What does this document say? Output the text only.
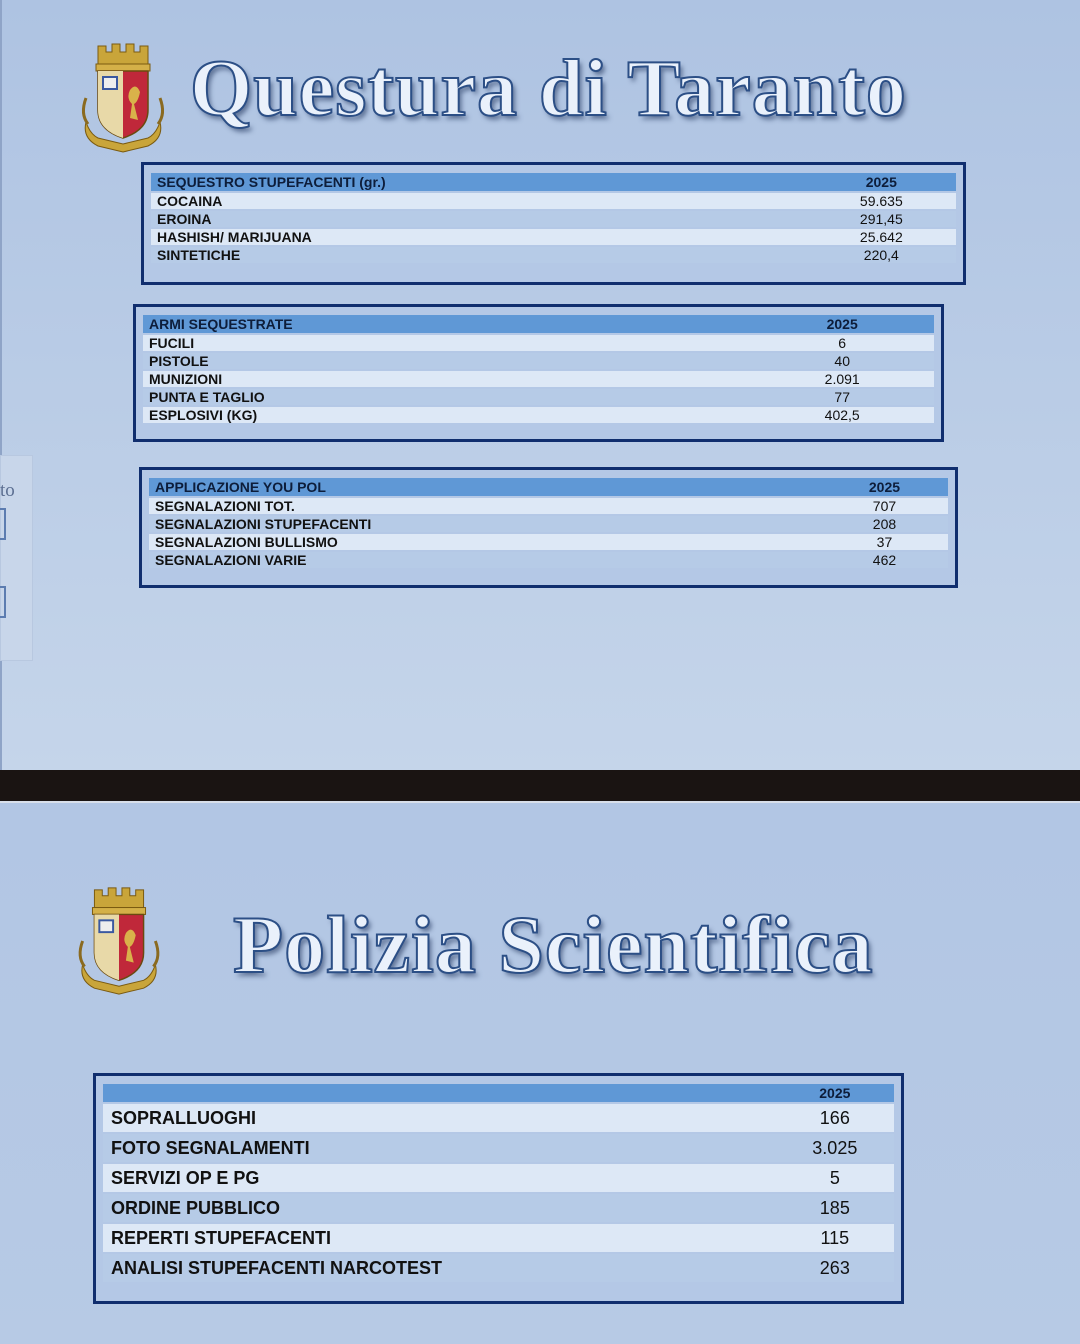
to
Questura di Taranto
SEQUESTRO STUPEFACENTI (gr.)	2025
COCAINA	59.635
EROINA	291,45
HASHISH/ MARIJUANA	25.642
SINTETICHE	220,4
ARMI SEQUESTRATE	2025
FUCILI	6
PISTOLE	40
MUNIZIONI	2.091
PUNTA E TAGLIO	77
ESPLOSIVI (KG)	402,5
APPLICAZIONE YOU POL	2025
SEGNALAZIONI TOT.	707
SEGNALAZIONI STUPEFACENTI	208
SEGNALAZIONI BULLISMO	37
SEGNALAZIONI VARIE	462
Polizia Scientifica
	2025
SOPRALLUOGHI	166
FOTO SEGNALAMENTI	3.025
SERVIZI OP E PG	5
ORDINE PUBBLICO	185
REPERTI STUPEFACENTI	115
ANALISI STUPEFACENTI NARCOTEST	263
